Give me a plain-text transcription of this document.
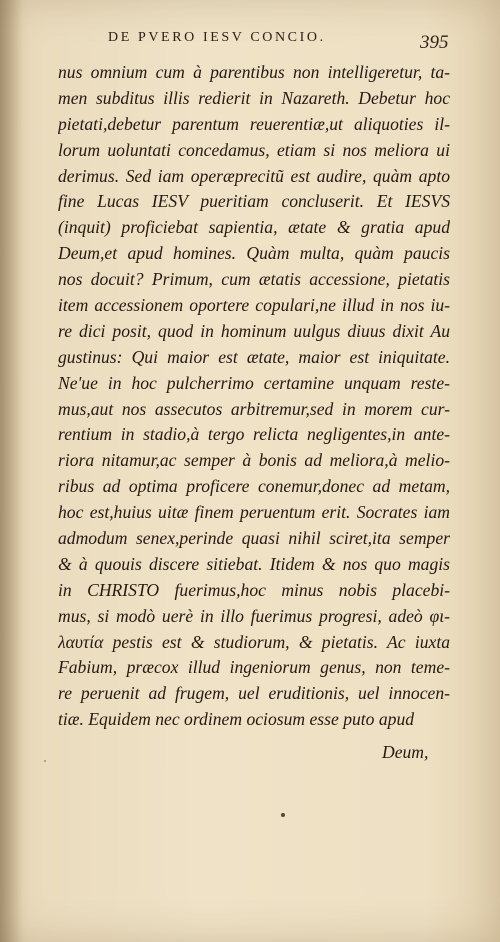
DE PVERO IESV CONCIO.	395
nus omnium cum à parentibus non intelligeretur, ta-
men subditus illis redierit in Nazareth. Debetur hoc
pietati,debetur parentum reuerentiæ,ut aliquoties il-
lorum uoluntati concedamus, etiam si nos meliora ui
derimus. Sed iam operæprecitũ est audire, quàm apto
fine Lucas IESV pueritiam concluserit. Et IESVS
(inquit) proficiebat sapientia, ætate & gratia apud
Deum,et apud homines. Quàm multa, quàm paucis
nos docuit? Primum, cum ætatis accessione, pietatis
item accessionem oportere copulari,ne illud in nos iu-
re dici posit, quod in hominum uulgus diuus dixit Au
gustinus: Qui maior est ætate, maior est iniquitate.
Ne'ue in hoc pulcherrimo certamine unquam reste-
mus,aut nos assecutos arbitremur,sed in morem cur-
rentium in stadio,à tergo relicta negligentes,in ante-
riora nitamur,ac semper à bonis ad meliora,à melio-
ribus ad optima proficere conemur,donec ad metam,
hoc est,huius uitæ finem peruentum erit. Socrates iam
admodum senex,perinde quasi nihil sciret,ita semper
& à quouis discere sitiebat. Itidem & nos quo magis
in CHRISTO fuerimus,hoc minus nobis placebi-
mus, si modò uerè in illo fuerimus progresi, adeò φι-
λαυτία pestis est & studiorum, & pietatis. Ac iuxta
Fabium, præcox illud ingeniorum genus, non teme-
re peruenit ad frugem, uel eruditionis, uel innocen-
tiæ. Equidem nec ordinem ociosum esse puto apud
Deum,
